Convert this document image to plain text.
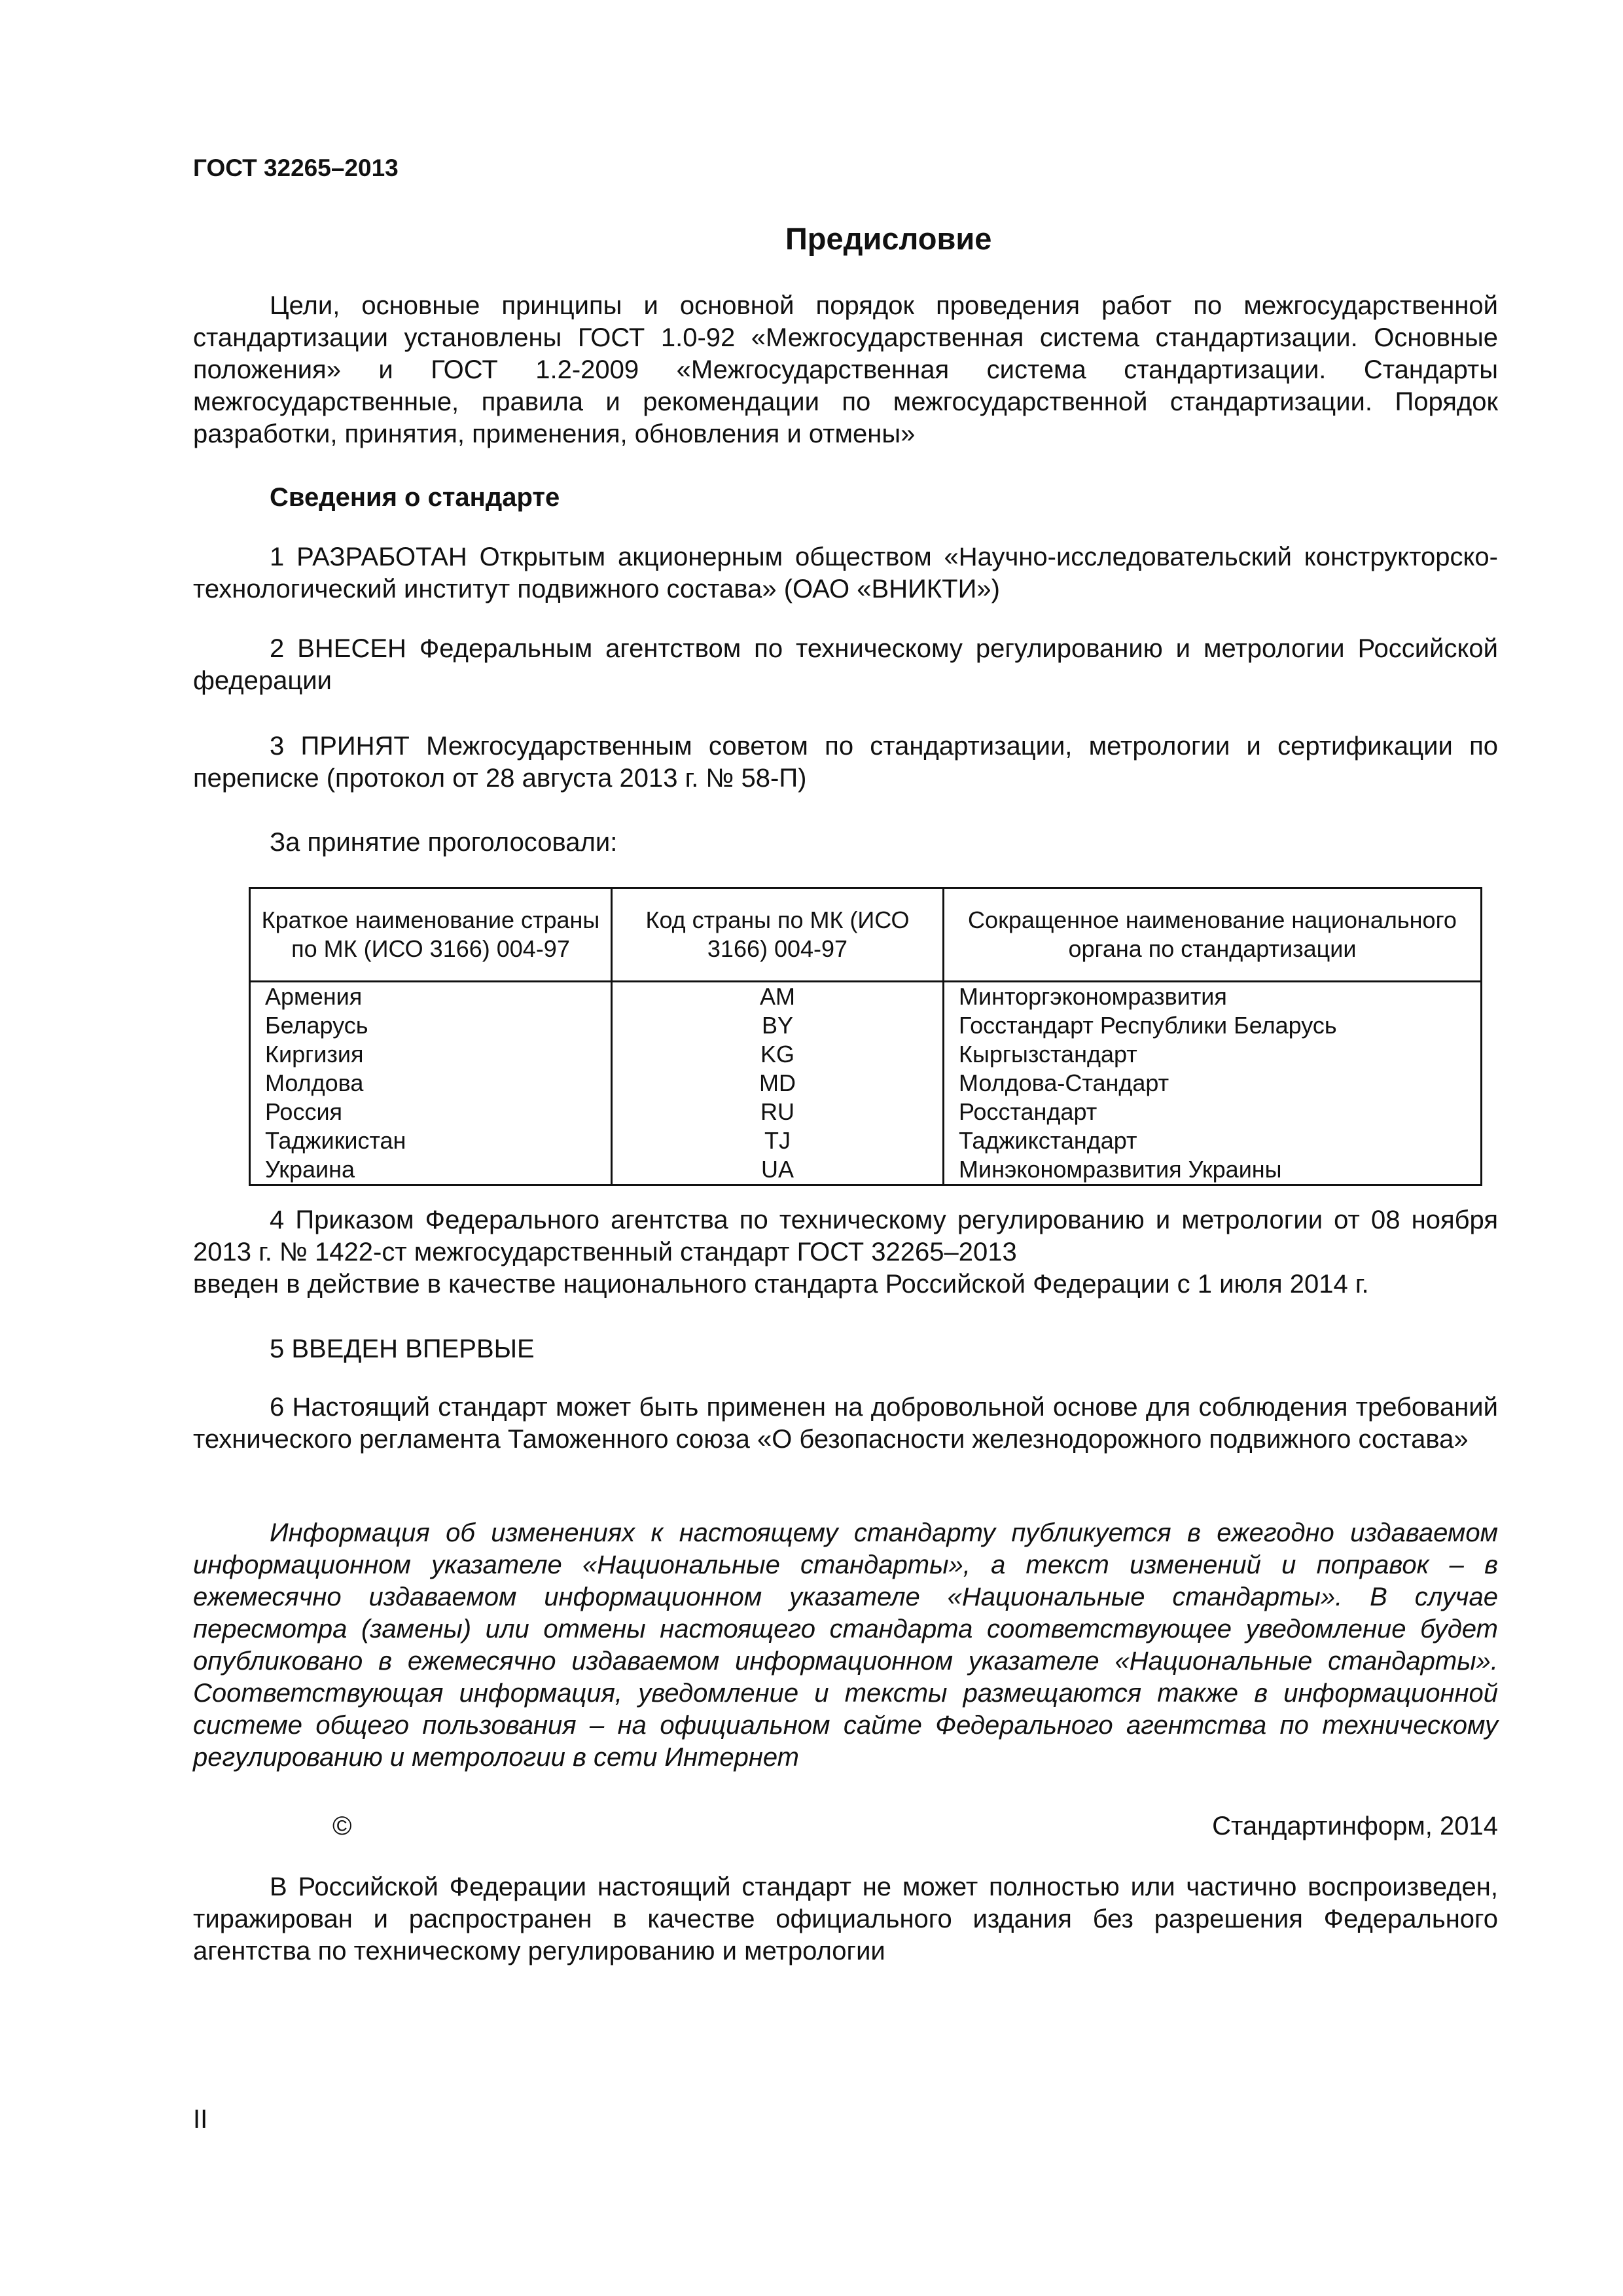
ГОСТ 32265–2013
Предисловие

Цели, основные принципы и основной порядок проведения работ по межгосударственной стандартизации установлены ГОСТ 1.0-92 «Межгосударственная система стандартизации. Основные положения» и ГОСТ 1.2-2009 «Межгосударственная система стандартизации. Стандарты межгосударственные, правила и рекомендации по межгосударственной стандартизации. Порядок разработки, принятия, применения, обновления и отмены»

Сведения о стандарте

1 РАЗРАБОТАН Открытым акционерным обществом «Научно-исследовательский конструкторско-технологический институт подвижного состава» (ОАО «ВНИКТИ»)

2 ВНЕСЕН Федеральным агентством по техническому регулированию и метрологии Российской федерации

3 ПРИНЯТ Межгосударственным советом по стандартизации, метрологии и сертификации по переписке (протокол от 28 августа 2013 г. № 58-П)

За принятие проголосовали:
Краткое наименование страны по МК (ИСО 3166) 004-97	Код страны по МК (ИСО 3166) 004-97	Сокращенное наименование национального органа по стандартизации
Армения	AM	Минторгэкономразвития
Беларусь	BY	Госстандарт Республики Беларусь
Киргизия	KG	Кыргызстандарт
Молдова	MD	Молдова-Стандарт
Россия	RU	Росстандарт
Таджикистан	TJ	Таджикстандарт
Украина	UA	Минэкономразвития Украины

4 Приказом Федерального агентства по техническому регулированию и метрологии от 08 ноября 2013 г. № 1422-ст межгосударственный стандарт ГОСТ 32265–2013

введен в действие в качестве национального стандарта Российской Федерации с 1 июля 2014 г.

5 ВВЕДЕН ВПЕРВЫЕ

6 Настоящий стандарт может быть применен на добровольной основе для соблюдения требований технического регламента Таможенного союза «О безопасности железнодорожного подвижного состава»

Информация об изменениях к настоящему стандарту публикуется в ежегодно издаваемом информационном указателе «Национальные стандарты», а текст изменений и поправок – в ежемесячно издаваемом информационном указателе «Национальные стандарты». В случае пересмотра (замены) или отмены настоящего стандарта соответствующее уведомление будет опубликовано в ежемесячно издаваемом информационном указателе «Национальные стандарты». Соответствующая информация, уведомление и тексты размещаются также в информационной системе общего пользования – на официальном сайте Федерального агентства по техническому регулированию и метрологии в сети Интернет

©	Стандартинформ, 2014

В Российской Федерации настоящий стандарт не может полностью или частично воспроизведен, тиражирован и распространен в качестве официального издания без разрешения Федерального агентства по техническому регулированию и метрологии

II
